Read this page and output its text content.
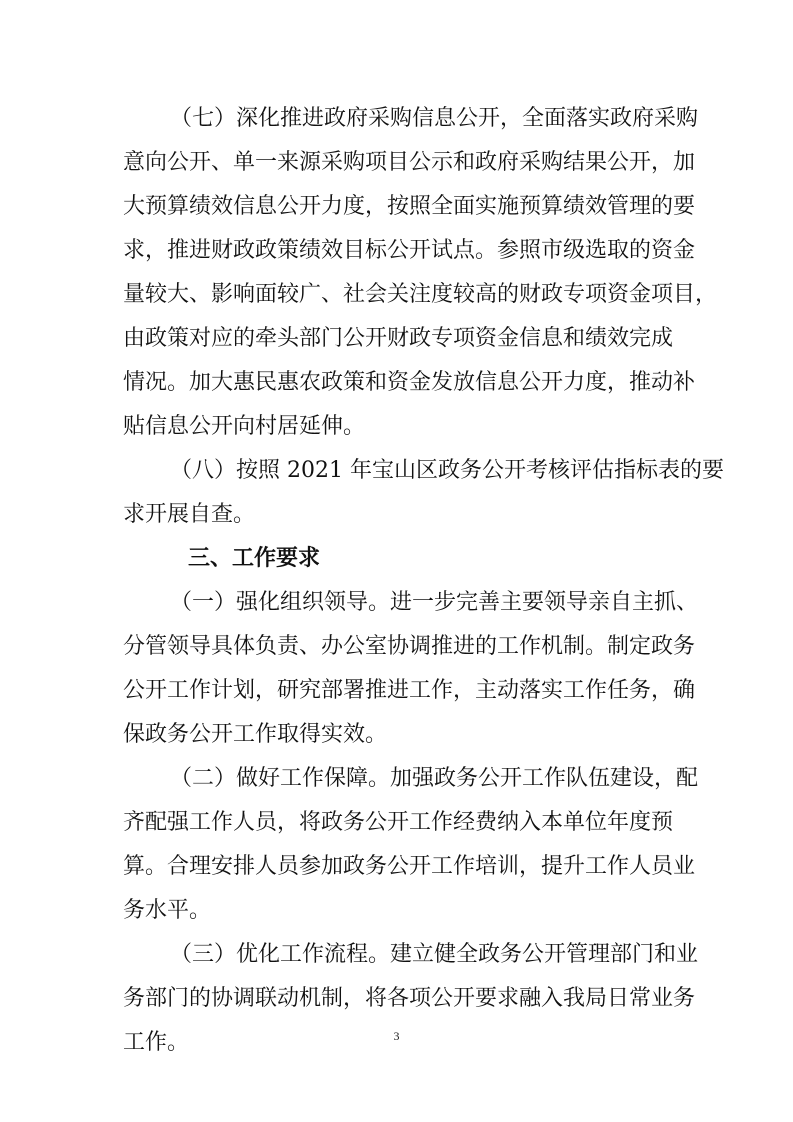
（七）深化推进政府采购信息公开，全面落实政府采购
意向公开、单一来源采购项目公示和政府采购结果公开，加
大预算绩效信息公开力度，按照全面实施预算绩效管理的要
求，推进财政政策绩效目标公开试点。参照市级选取的资金
量较大、影响面较广、社会关注度较高的财政专项资金项目，
由政策对应的牵头部门公开财政专项资金信息和绩效完成
情况。加大惠民惠农政策和资金发放信息公开力度，推动补
贴信息公开向村居延伸。
（八）按照 2021 年宝山区政务公开考核评估指标表的要
求开展自查。
三、工作要求
（一）强化组织领导。进一步完善主要领导亲自主抓、
分管领导具体负责、办公室协调推进的工作机制。制定政务
公开工作计划，研究部署推进工作，主动落实工作任务，确
保政务公开工作取得实效。
（二）做好工作保障。加强政务公开工作队伍建设，配
齐配强工作人员，将政务公开工作经费纳入本单位年度预
算。合理安排人员参加政务公开工作培训，提升工作人员业
务水平。
（三）优化工作流程。建立健全政务公开管理部门和业
务部门的协调联动机制，将各项公开要求融入我局日常业务
工作。	3
